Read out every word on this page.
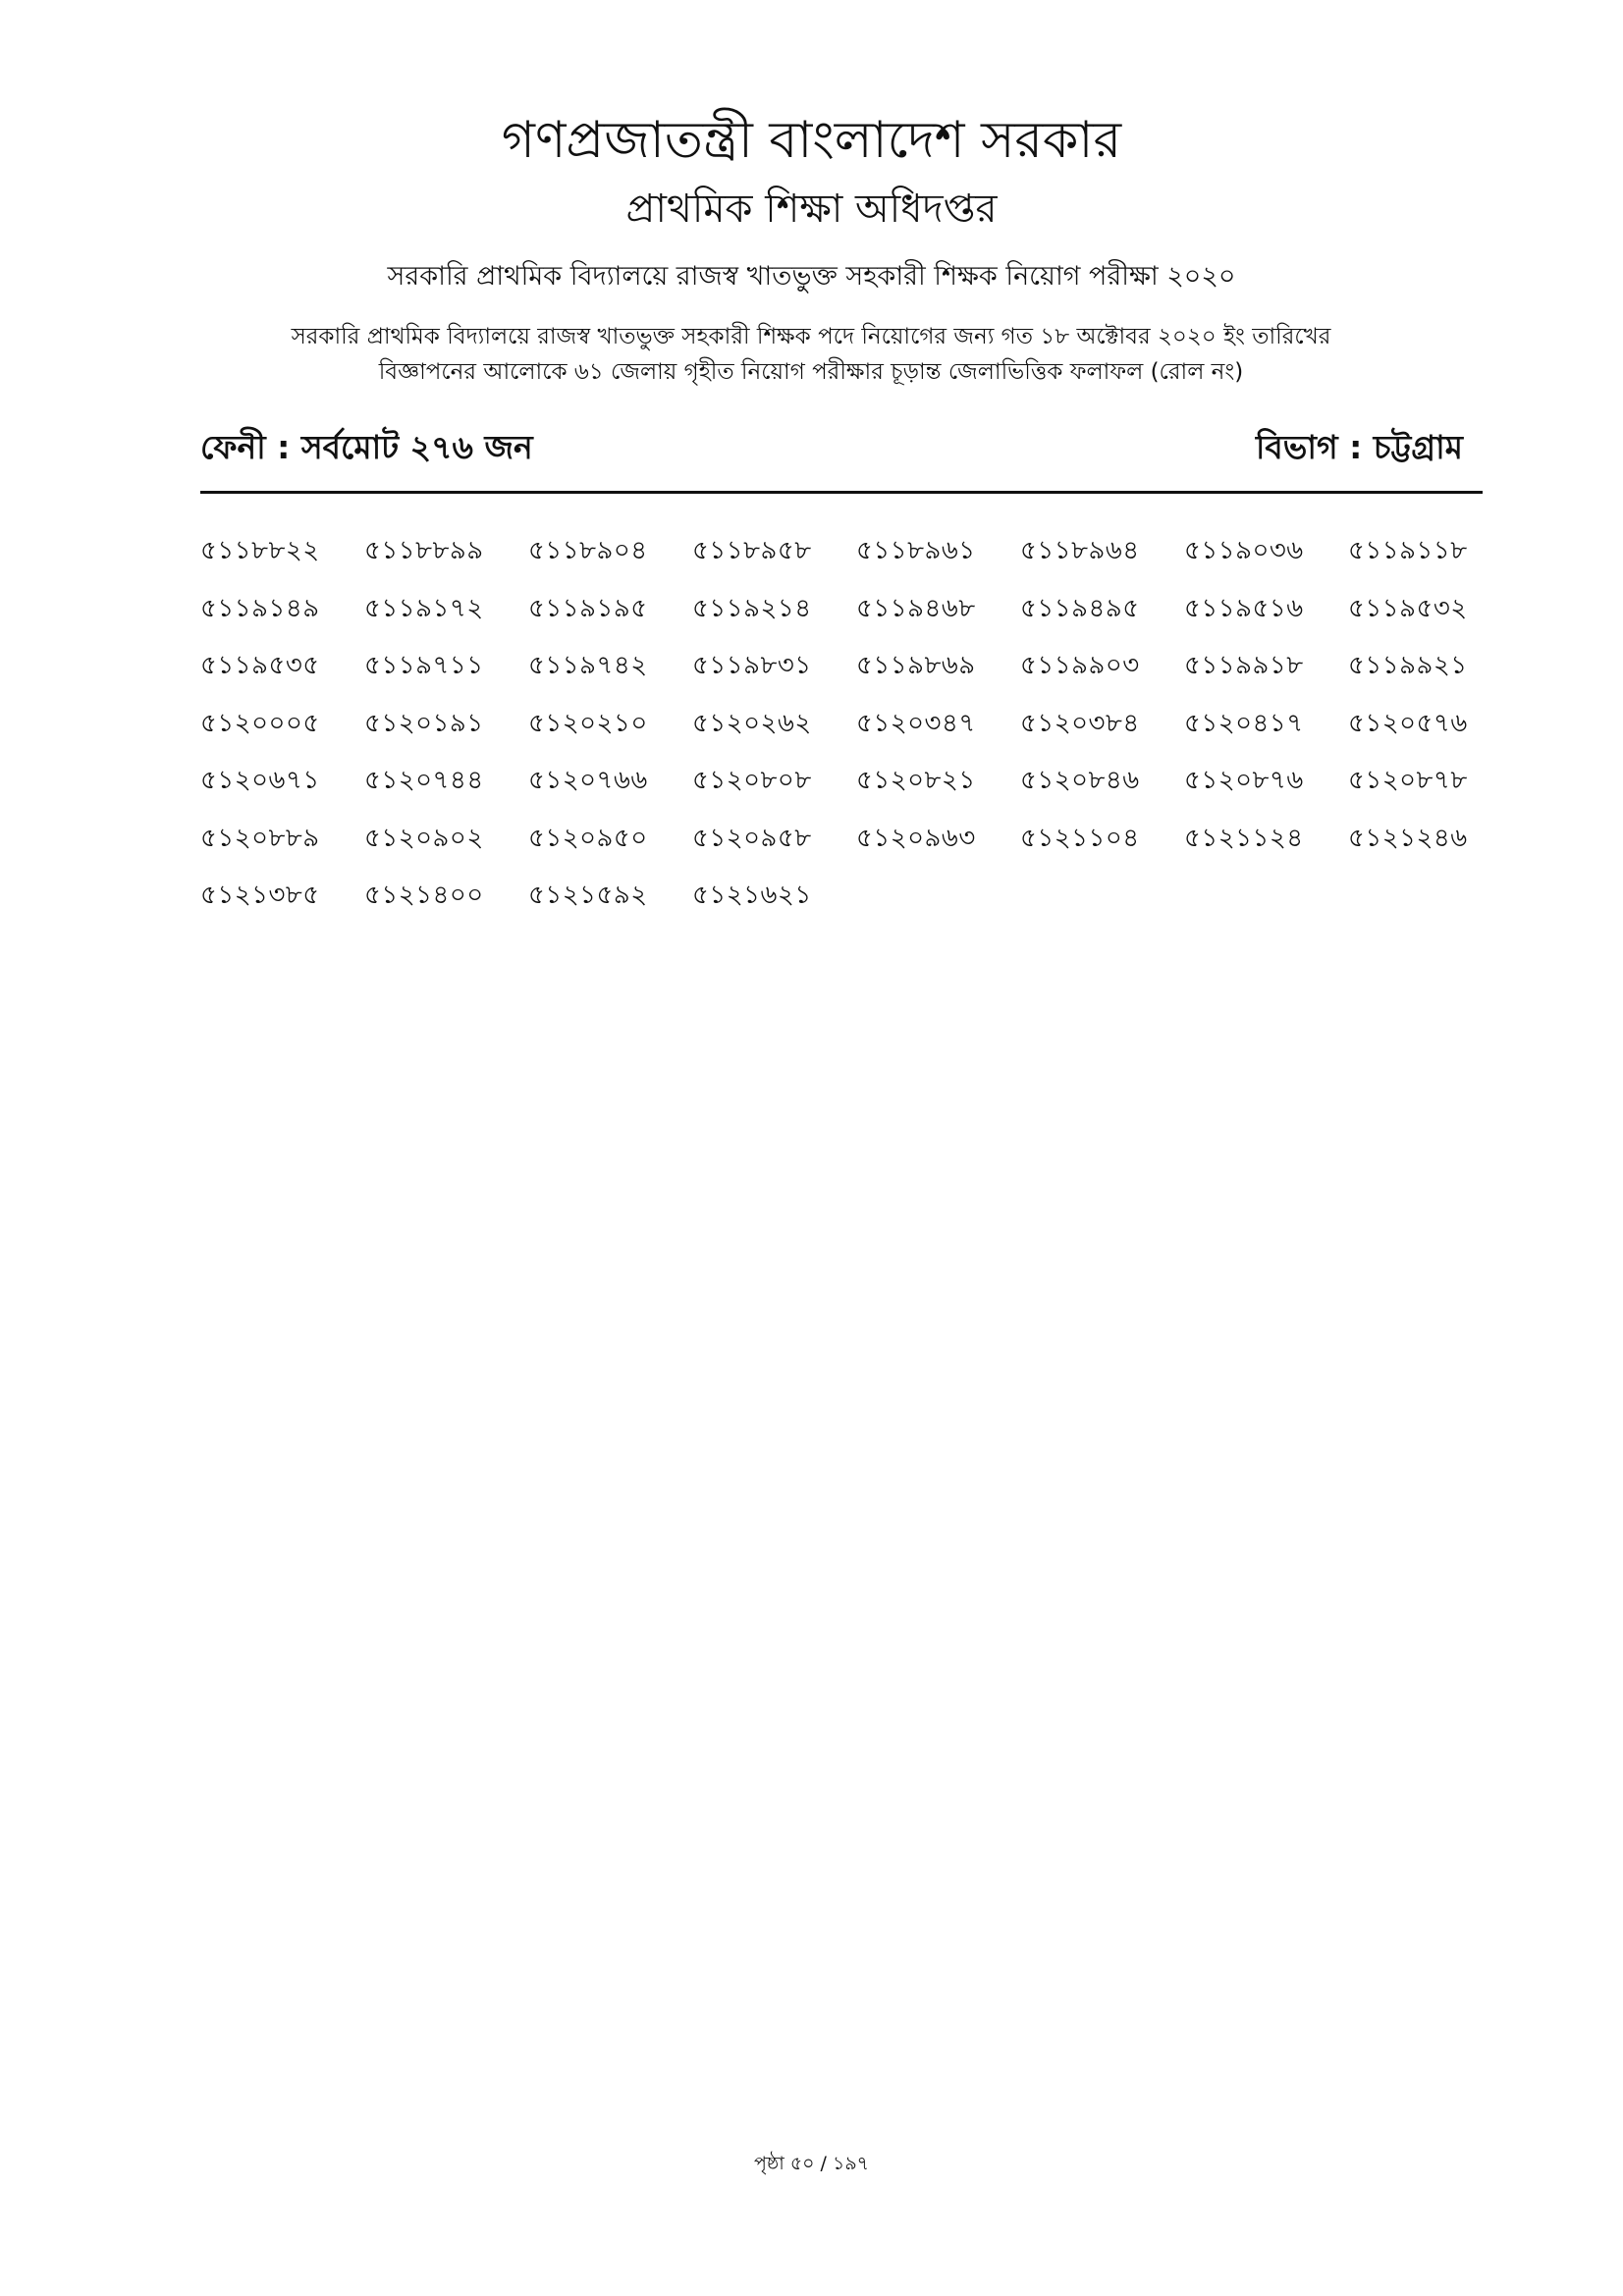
গণপ্রজাতন্ত্রী বাংলাদেশ সরকার
প্রাথমিক শিক্ষা অধিদপ্তর
সরকারি প্রাথমিক বিদ্যালয়ে রাজস্ব খাতভুক্ত সহকারী শিক্ষক নিয়োগ পরীক্ষা ২০২০
সরকারি প্রাথমিক বিদ্যালয়ে রাজস্ব খাতভুক্ত সহকারী শিক্ষক পদে নিয়োগের জন্য গত ১৮ অক্টোবর ২০২০ ইং তারিখের
বিজ্ঞাপনের আলোকে ৬১ জেলায় গৃহীত নিয়োগ পরীক্ষার চূড়ান্ত জেলাভিত্তিক ফলাফল (রোল নং)
ফেনী : সর্বমোট ২৭৬ জন	বিভাগ : চট্টগ্রাম
৫১১৮৮২২	৫১১৮৮৯৯	৫১১৮৯০৪	৫১১৮৯৫৮	৫১১৮৯৬১	৫১১৮৯৬৪	৫১১৯০৩৬	৫১১৯১১৮
৫১১৯১৪৯	৫১১৯১৭২	৫১১৯১৯৫	৫১১৯২১৪	৫১১৯৪৬৮	৫১১৯৪৯৫	৫১১৯৫১৬	৫১১৯৫৩২
৫১১৯৫৩৫	৫১১৯৭১১	৫১১৯৭৪২	৫১১৯৮৩১	৫১১৯৮৬৯	৫১১৯৯০৩	৫১১৯৯১৮	৫১১৯৯২১
৫১২০০০৫	৫১২০১৯১	৫১২০২১০	৫১২০২৬২	৫১২০৩৪৭	৫১২০৩৮৪	৫১২০৪১৭	৫১২০৫৭৬
৫১২০৬৭১	৫১২০৭৪৪	৫১২০৭৬৬	৫১২০৮০৮	৫১২০৮২১	৫১২০৮৪৬	৫১২০৮৭৬	৫১২০৮৭৮
৫১২০৮৮৯	৫১২০৯০২	৫১২০৯৫০	৫১২০৯৫৮	৫১২০৯৬৩	৫১২১১০৪	৫১২১১২৪	৫১২১২৪৬
৫১২১৩৮৫	৫১২১৪০০	৫১২১৫৯২	৫১২১৬২১
পৃষ্ঠা ৫০ / ১৯৭
